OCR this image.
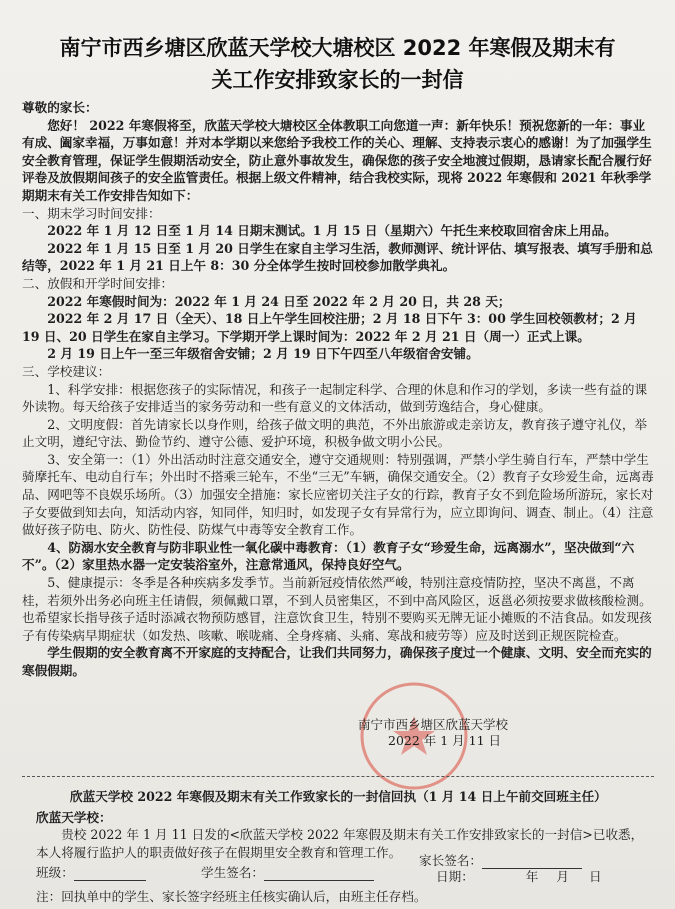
南宁市西乡塘区欣蓝天学校大塘校区 2022 年寒假及期末有
关工作安排致家长的一封信

尊敬的家长：

您好！ 2022 年寒假将至，欣蓝天学校大塘校区全体教职工向您道一声：新年快乐！预祝您新的一年：事业有成、阖家幸福，万事如意！并对本学期以来您给予我校工作的关心、理解、支持表示衷心的感谢！为了加强学生安全教育管理，保证学生假期活动安全，防止意外事故发生，确保您的孩子安全地渡过假期，恳请家长配合履行好评卷及放假期间孩子的安全监管责任。根据上级文件精神，结合我校实际，现将 2022 年寒假和 2021 年秋季学期期末有关工作安排告知如下：

一、期末学习时间安排：

2022 年 1 月 12 日至 1 月 14 日期末测试。1 月 15 日（星期六）午托生来校取回宿舍床上用品。

2022 年 1 月 15 日至 1 月 20 日学生在家自主学习生活，教师测评、统计评估、填写报表、填写手册和总结等，2022 年 1 月 21 日上午 8：30 分全体学生按时回校参加散学典礼。

二、放假和开学时间安排：

2022 年寒假时间为：2022 年 1 月 24 日至 2022 年 2 月 20 日，共 28 天；

2022 年 2 月 17 日（全天）、18 日上午学生回校注册；2 月 18 日下午 3：00 学生回校领教材；2 月 19 日、20 日学生在家自主学习。下学期开学上课时间为：2022 年 2 月 21 日（周一）正式上课。

2 月 19 日上午一至三年级宿舍安铺；2 月 19 日下午四至八年级宿舍安铺。

三、学校建议：

1、科学安排：根据您孩子的实际情况，和孩子一起制定科学、合理的休息和作习的学划，多读一些有益的课外读物。每天给孩子安排适当的家务劳动和一些有意义的文体活动，做到劳逸结合，身心健康。

2、文明度假：首先请家长以身作则，给孩子做文明的典范，不外出旅游或走亲访友，教育孩子遵守礼仪，举止文明，遵纪守法、勤俭节约、遵守公德、爱护环境，积极争做文明小公民。

3、安全第一：（1）外出活动时注意交通安全，遵守交通规则：特别强调，严禁小学生骑自行车，严禁中学生骑摩托车、电动自行车；外出时不搭乘三轮车，不坐“三无”车辆，确保交通安全。（2）教育子女珍爱生命，远离毒品、网吧等不良娱乐场所。（3）加强安全措施：家长应密切关注子女的行踪，教育子女不到危险场所游玩，家长对子女要做到知去向，知活动内容，知同伴，知归时，如发现子女有异常行为，应立即询问、调查、制止。（4）注意做好孩子防电、防火、防性侵、防煤气中毒等安全教育工作。

4、防溺水安全教育与防非职业性一氧化碳中毒教育：（1）教育子女“珍爱生命，远离溺水”，坚决做到“六不”。（2）家里热水器一定安装浴室外，注意常通风，保持良好空气。

5、健康提示：冬季是各种疾病多发季节。当前新冠疫情依然严峻，特别注意疫情防控，坚决不离邕，不离桂，若须外出务必向班主任请假，须佩戴口罩，不到人员密集区，不到中高风险区，返邕必须按要求做核酸检测。也希望家长指导孩子适时添减衣物预防感冒，注意饮食卫生，特别不要购买无牌无证小摊贩的不洁食品。如发现孩子有传染病早期症状（如发热、咳嗽、喉咙痛、全身疼痛、头痛、寒战和疲劳等）应及时送到正规医院检查。

学生假期的安全教育离不开家庭的支持配合，让我们共同努力，确保孩子度过一个健康、文明、安全而充实的寒假假期。

南宁市西乡塘区欣蓝天学校
2022 年 1 月 11 日
欣蓝天学校 2022 年寒假及期末有关工作致家长的一封信回执（1 月 14 日上午前交回班主任）
欣蓝天学校：
贵校 2022 年 1 月 11 日发的<欣蓝天学校 2022 年寒假及期末有关工作安排致家长的一封信>已收悉，本人将履行监护人的职责做好孩子在假期里安全教育和管理工作。
班级：	学生签名：
家长签名：
日期：	年 月 日
注：回执单中的学生、家长签字经班主任核实确认后，由班主任存档。
